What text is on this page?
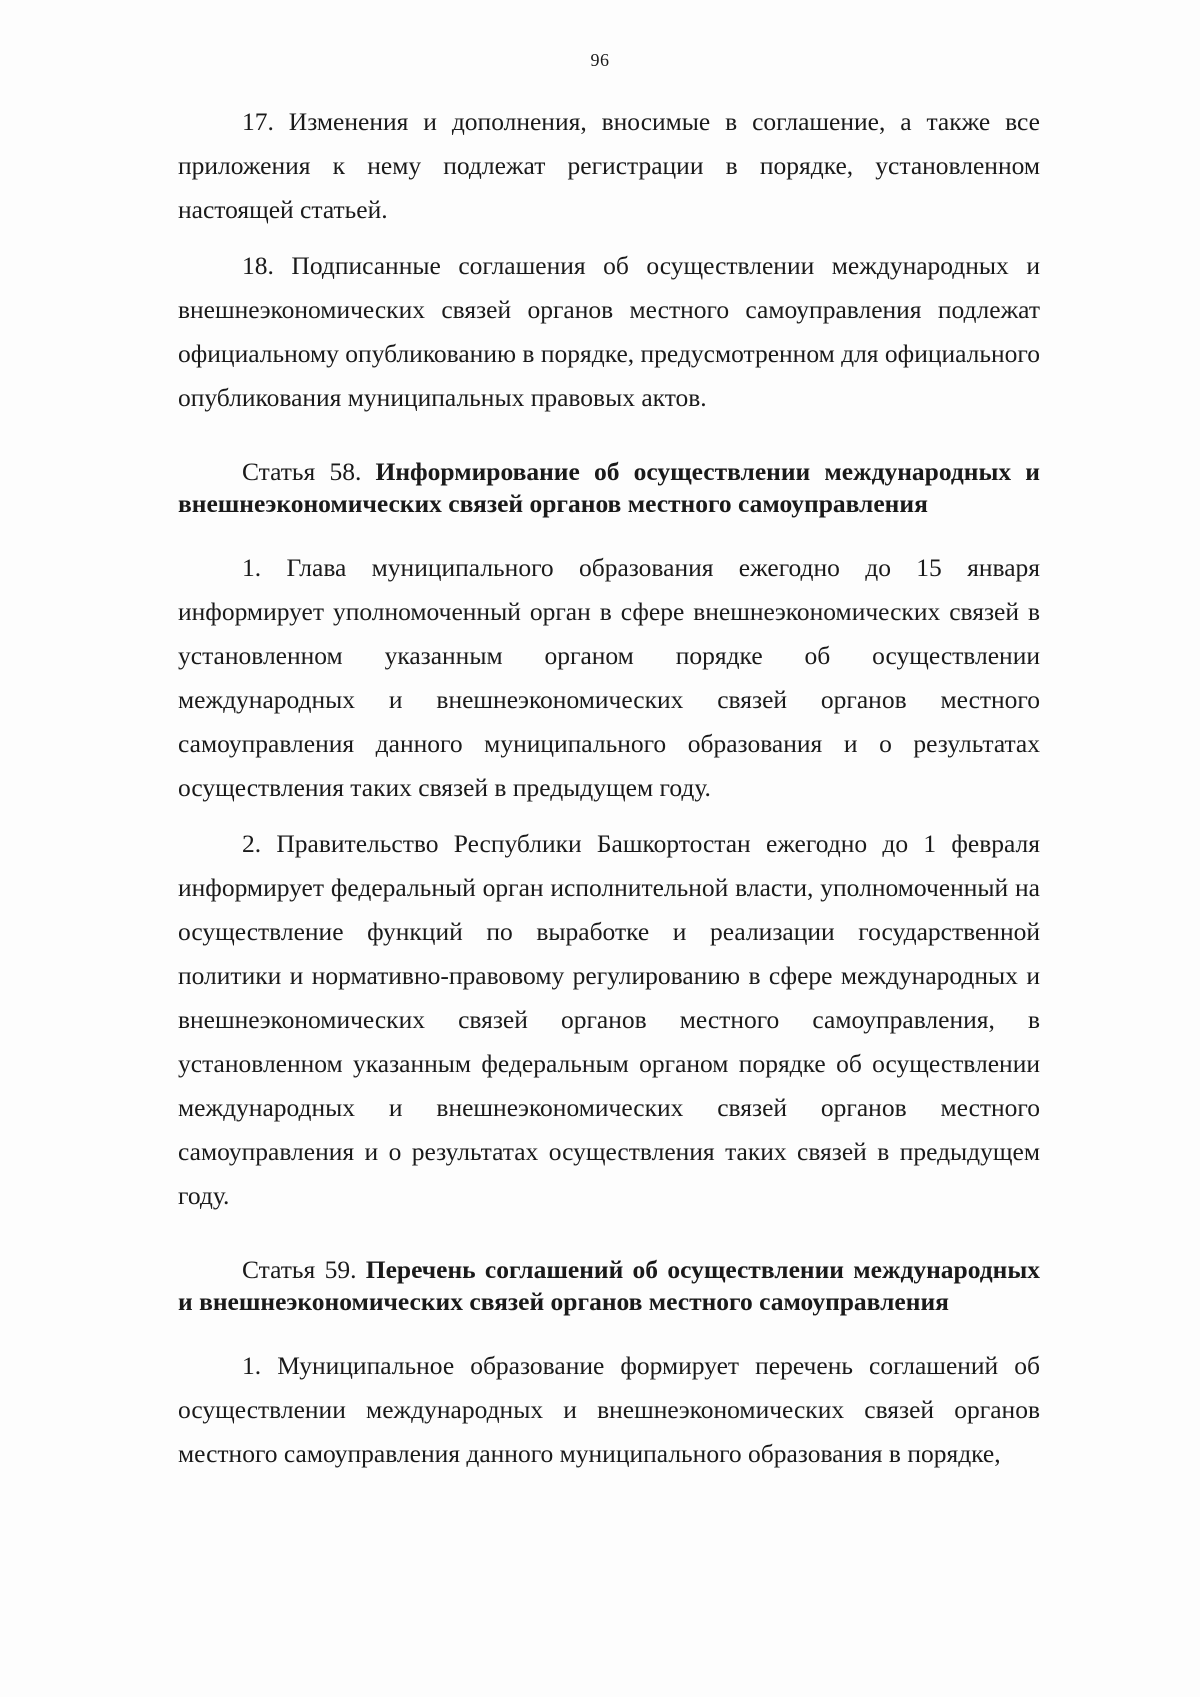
96

17. Изменения и дополнения, вносимые в соглашение, а также все приложения к нему подлежат регистрации в порядке, установленном настоящей статьей.

18. Подписанные соглашения об осуществлении международных и внешнеэкономических связей органов местного самоуправления подлежат официальному опубликованию в порядке, предусмотренном для официального опубликования муниципальных правовых актов.

Статья 58. Информирование об осуществлении международных и внешнеэкономических связей органов местного самоуправления

1. Глава муниципального образования ежегодно до 15 января информирует уполномоченный орган в сфере внешнеэкономических связей в установленном указанным органом порядке об осуществлении международных и внешнеэкономических связей органов местного самоуправления данного муниципального образования и о результатах осуществления таких связей в предыдущем году.

2. Правительство Республики Башкортостан ежегодно до 1 февраля информирует федеральный орган исполнительной власти, уполномоченный на осуществление функций по выработке и реализации государственной политики и нормативно-правовому регулированию в сфере международных и внешнеэкономических связей органов местного самоуправления, в установленном указанным федеральным органом порядке об осуществлении международных и внешнеэкономических связей органов местного самоуправления и о результатах осуществления таких связей в предыдущем году.

Статья 59. Перечень соглашений об осуществлении международных и внешнеэкономических связей органов местного самоуправления

1. Муниципальное образование формирует перечень соглашений об осуществлении международных и внешнеэкономических связей органов местного самоуправления данного муниципального образования в порядке,
